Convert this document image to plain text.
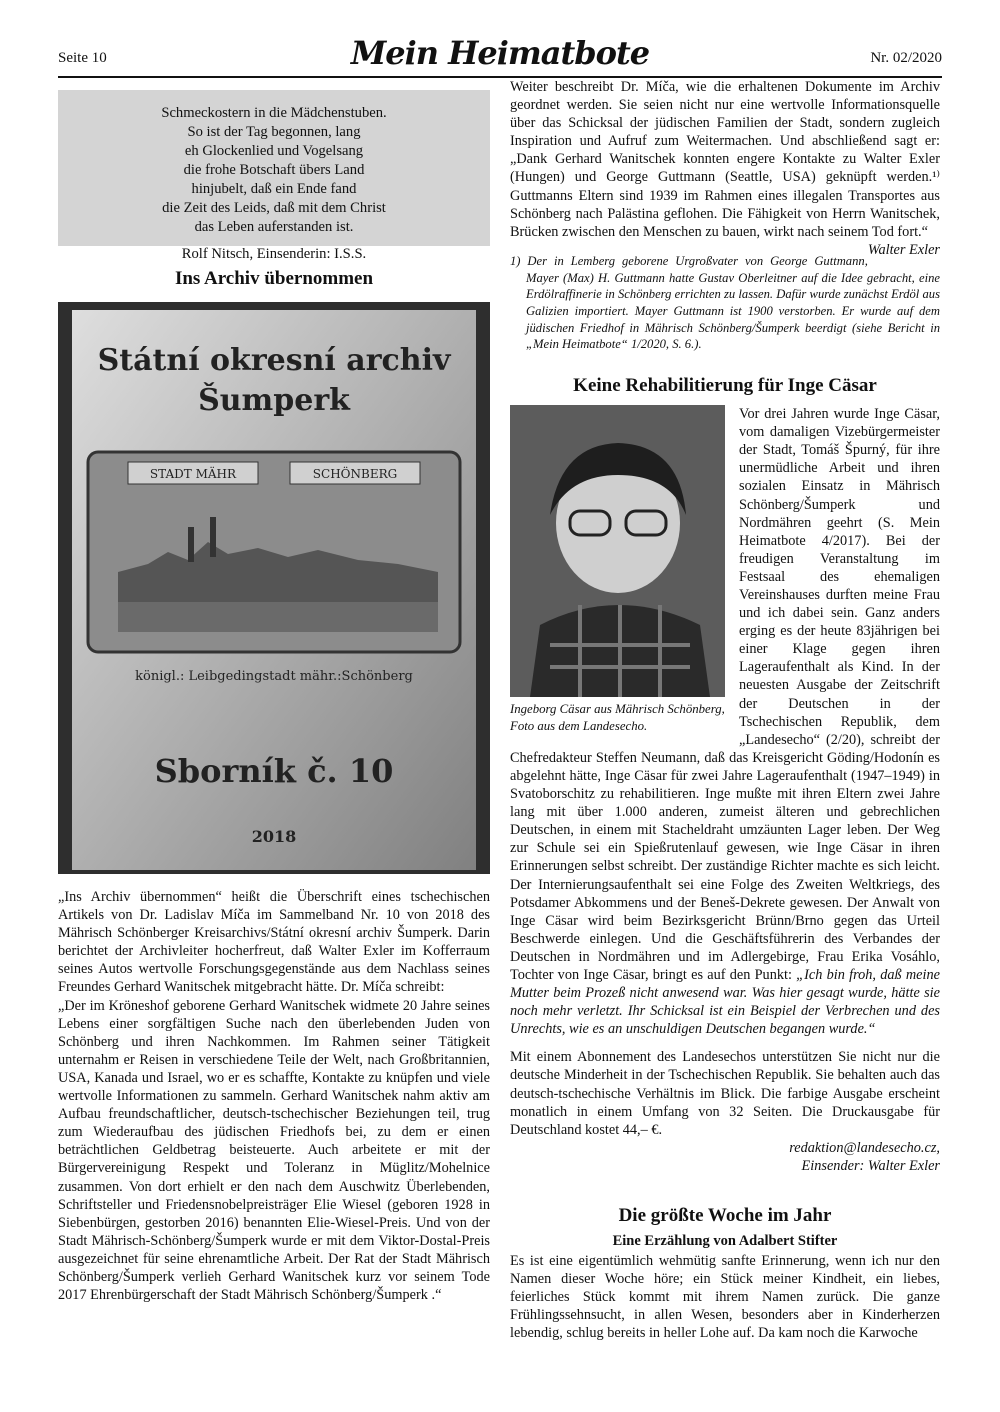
Seite 10	Mein Heimatbote	Nr. 02/2020
Schmeckostern in die Mädchenstuben.
So ist der Tag begonnen, lang
eh Glockenlied und Vogelsang
die frohe Botschaft übers Land
hinjubelt, daß ein Ende fand
die Zeit des Leids, daß mit dem Christ
das Leben auferstanden ist.
Rolf Nitsch, Einsenderin: I.S.S.
Ins Archiv übernommen
Státní okresní archiv
Šumperk
STADT MÄHR	SCHÖNBERG
königl.: Leibgedingstadt mähr.:Schönberg
Sborník č. 10
2018

„Ins Archiv übernommen“ heißt die Überschrift eines tschechischen Artikels von Dr. Ladislav Míča im Sammelband Nr. 10 von 2018 des Mährisch Schönberger Kreisarchivs/Státní okresní archiv Šumperk. Darin berichtet der Archivleiter hocherfreut, daß Walter Exler im Kofferraum seines Autos wertvolle Forschungsgegenstände aus dem Nachlass seines Freundes Gerhard Wanitschek mitgebracht hätte. Dr. Míča schreibt:

„Der im Kröneshof geborene Gerhard Wanitschek widmete 20 Jahre seines Lebens einer sorgfältigen Suche nach den überlebenden Juden von Schönberg und ihren Nachkommen. Im Rahmen seiner Tätigkeit unternahm er Reisen in verschiedene Teile der Welt, nach Großbritannien, USA, Kanada und Israel, wo er es schaffte, Kontakte zu knüpfen und viele wertvolle Informationen zu sammeln. Gerhard Wanitschek nahm aktiv am Aufbau freundschaftlicher, deutsch-tschechischer Beziehungen teil, trug zum Wiederaufbau des jüdischen Friedhofs bei, zu dem er einen beträchtlichen Geldbetrag beisteuerte. Auch arbeitete er mit der Bürgervereinigung Respekt und Toleranz in Müglitz/Mohelnice zusammen. Von dort erhielt er den nach dem Auschwitz Überlebenden, Schriftsteller und Friedensnobelpreisträger Elie Wiesel (geboren 1928 in Siebenbürgen, gestorben 2016) benannten Elie-Wiesel-Preis. Und von der Stadt Mährisch-Schönberg/Šumperk wurde er mit dem Viktor-Dostal-Preis ausgezeichnet für seine ehrenamtliche Arbeit. Der Rat der Stadt Mährisch Schönberg/Šumperk verlieh Gerhard Wanitschek kurz vor seinem Tode 2017 Ehrenbürgerschaft der Stadt Mährisch Schönberg/Šumperk .“

Weiter beschreibt Dr. Míča, wie die erhaltenen Dokumente im Archiv geordnet werden. Sie seien nicht nur eine wertvolle Informationsquelle über das Schicksal der jüdischen Familien der Stadt, sondern zugleich Inspiration und Aufruf zum Weitermachen. Und abschließend sagt er: „Dank Gerhard Wanitschek konnten engere Kontakte zu Walter Exler (Hungen) und George Guttmann (Seattle, USA) geknüpft werden.¹⁾ Guttmanns Eltern sind 1939 im Rahmen eines illegalen Transportes aus Schönberg nach Palästina geflohen. Die Fähigkeit von Herrn Wanitschek, Brücken zwischen den Menschen zu bauen, wirkt nach seinem Tod fort.“
Walter Exler

1) Der in Lemberg geborene Urgroßvater von George Guttmann, Mayer (Max) H. Guttmann hatte Gustav Oberleitner auf die Idee gebracht, eine Erdölraffinerie in Schönberg errichten zu lassen. Dafür wurde zunächst Erdöl aus Galizien importiert. Mayer Guttmann ist 1900 verstorben. Er wurde auf dem jüdischen Friedhof in Mährisch Schönberg/Šumperk beerdigt (siehe Bericht in „Mein Heimatbote“ 1/2020, S. 6.).

Keine Rehabilitierung für Inge Cäsar
Ingeborg Cäsar aus Mährisch Schönberg, Foto aus dem Landesecho.

Vor drei Jahren wurde Inge Cäsar, vom damaligen Vizebürgermeister der Stadt, Tomáš Špurný, für ihre unermüdliche Arbeit und ihren sozialen Einsatz in Mährisch Schönberg/Šumperk und Nordmähren geehrt (S. Mein Heimatbote 4/2017). Bei der freudigen Veranstaltung im Festsaal des ehemaligen Vereinshauses durften meine Frau und ich dabei sein. Ganz anders erging es der heute 83jährigen bei einer Klage gegen ihren Lageraufenthalt als Kind. In der neuesten Ausgabe der Zeitschrift der Deutschen in der Tschechischen Republik, dem „Landesecho“ (2/20), schreibt der Chefredakteur Steffen Neumann, daß das Kreisgericht Göding/Hodonín es abgelehnt hätte, Inge Cäsar für zwei Jahre Lageraufenthalt (1947–1949) in Svatoborschitz zu rehabilitieren. Inge mußte mit ihren Eltern zwei Jahre lang mit über 1.000 anderen, zumeist älteren und gebrechlichen Deutschen, in einem mit Stacheldraht umzäunten Lager leben. Der Weg zur Schule sei ein Spießrutenlauf gewesen, wie Inge Cäsar in ihren Erinnerungen selbst schreibt. Der zuständige Richter machte es sich leicht. Der Internierungsaufenthalt sei eine Folge des Zweiten Weltkriegs, des Potsdamer Abkommens und der Beneš-Dekrete gewesen. Der Anwalt von Inge Cäsar wird beim Bezirksgericht Brünn/Brno gegen das Urteil Beschwerde einlegen. Und die Geschäftsführerin des Verbandes der Deutschen in Nordmähren und im Adlergebirge, Frau Erika Vosáhlo, Tochter von Inge Cäsar, bringt es auf den Punkt: „Ich bin froh, daß meine Mutter beim Prozeß nicht anwesend war. Was hier gesagt wurde, hätte sie noch mehr verletzt. Ihr Schicksal ist ein Beispiel der Verbrechen und des Unrechts, wie es an unschuldigen Deutschen begangen wurde.“

Mit einem Abonnement des Landesechos unterstützen Sie nicht nur die deutsche Minderheit in der Tschechischen Republik. Sie behalten auch das deutsch-tschechische Verhältnis im Blick. Die farbige Ausgabe erscheint monatlich in einem Umfang von 32 Seiten. Die Druckausgabe für Deutschland kostet 44,– €.

redaktion@landesecho.cz,
Einsender: Walter Exler
Die größte Woche im Jahr
Eine Erzählung von Adalbert Stifter

Es ist eine eigentümlich wehmütig sanfte Erinnerung, wenn ich nur den Namen dieser Woche höre; ein Stück meiner Kindheit, ein liebes, feierliches Stück kommt mit ihrem Namen zurück. Die ganze Frühlingssehnsucht, in allen Wesen, besonders aber in Kinderherzen lebendig, schlug bereits in heller Lohe auf. Da kam noch die Karwoche
